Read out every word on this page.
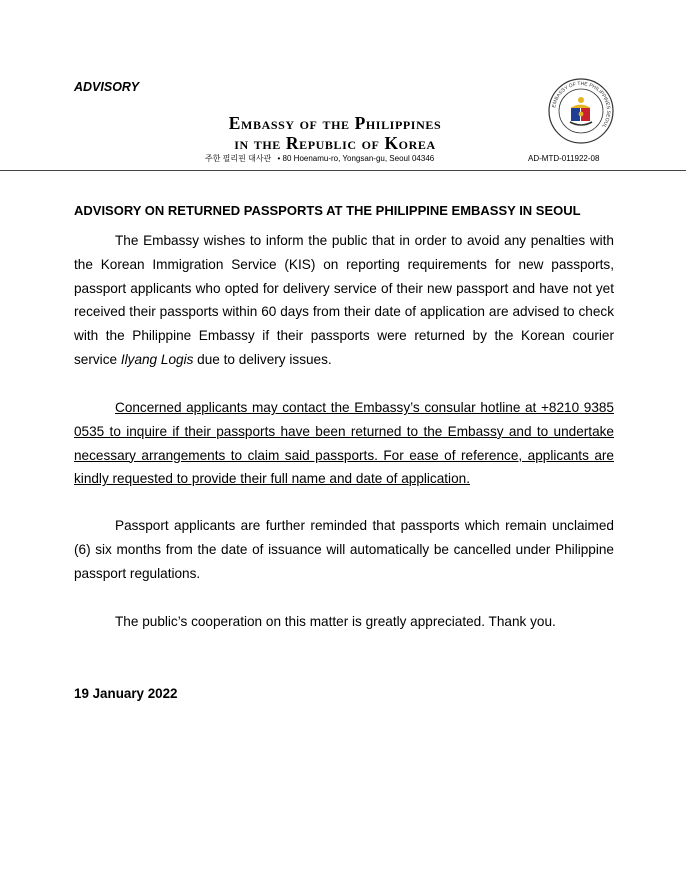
ADVISORY
Embassy of the Philippines
in the Republic of Korea
주한 필리핀 대사관 • 80 Hoenamu-ro, Yongsan-gu, Seoul 04346	AD-MTD-011922-08
EMBASSY OF THE PHILIPPINES SEOUL
ADVISORY ON RETURNED PASSPORTS AT THE PHILIPPINE EMBASSY IN SEOUL
The Embassy wishes to inform the public that in order to avoid any penalties with the Korean Immigration Service (KIS) on reporting requirements for new passports, passport applicants who opted for delivery service of their new passport and have not yet received their passports within 60 days from their date of application are advised to check with the Philippine Embassy if their passports were returned by the Korean courier service Ilyang Logis due to delivery issues.
Concerned applicants may contact the Embassy’s consular hotline at +8210 9385 0535 to inquire if their passports have been returned to the Embassy and to undertake necessary arrangements to claim said passports. For ease of reference, applicants are kindly requested to provide their full name and date of application.
Passport applicants are further reminded that passports which remain unclaimed (6) six months from the date of issuance will automatically be cancelled under Philippine passport regulations.
The public’s cooperation on this matter is greatly appreciated. Thank you.
19 January 2022
